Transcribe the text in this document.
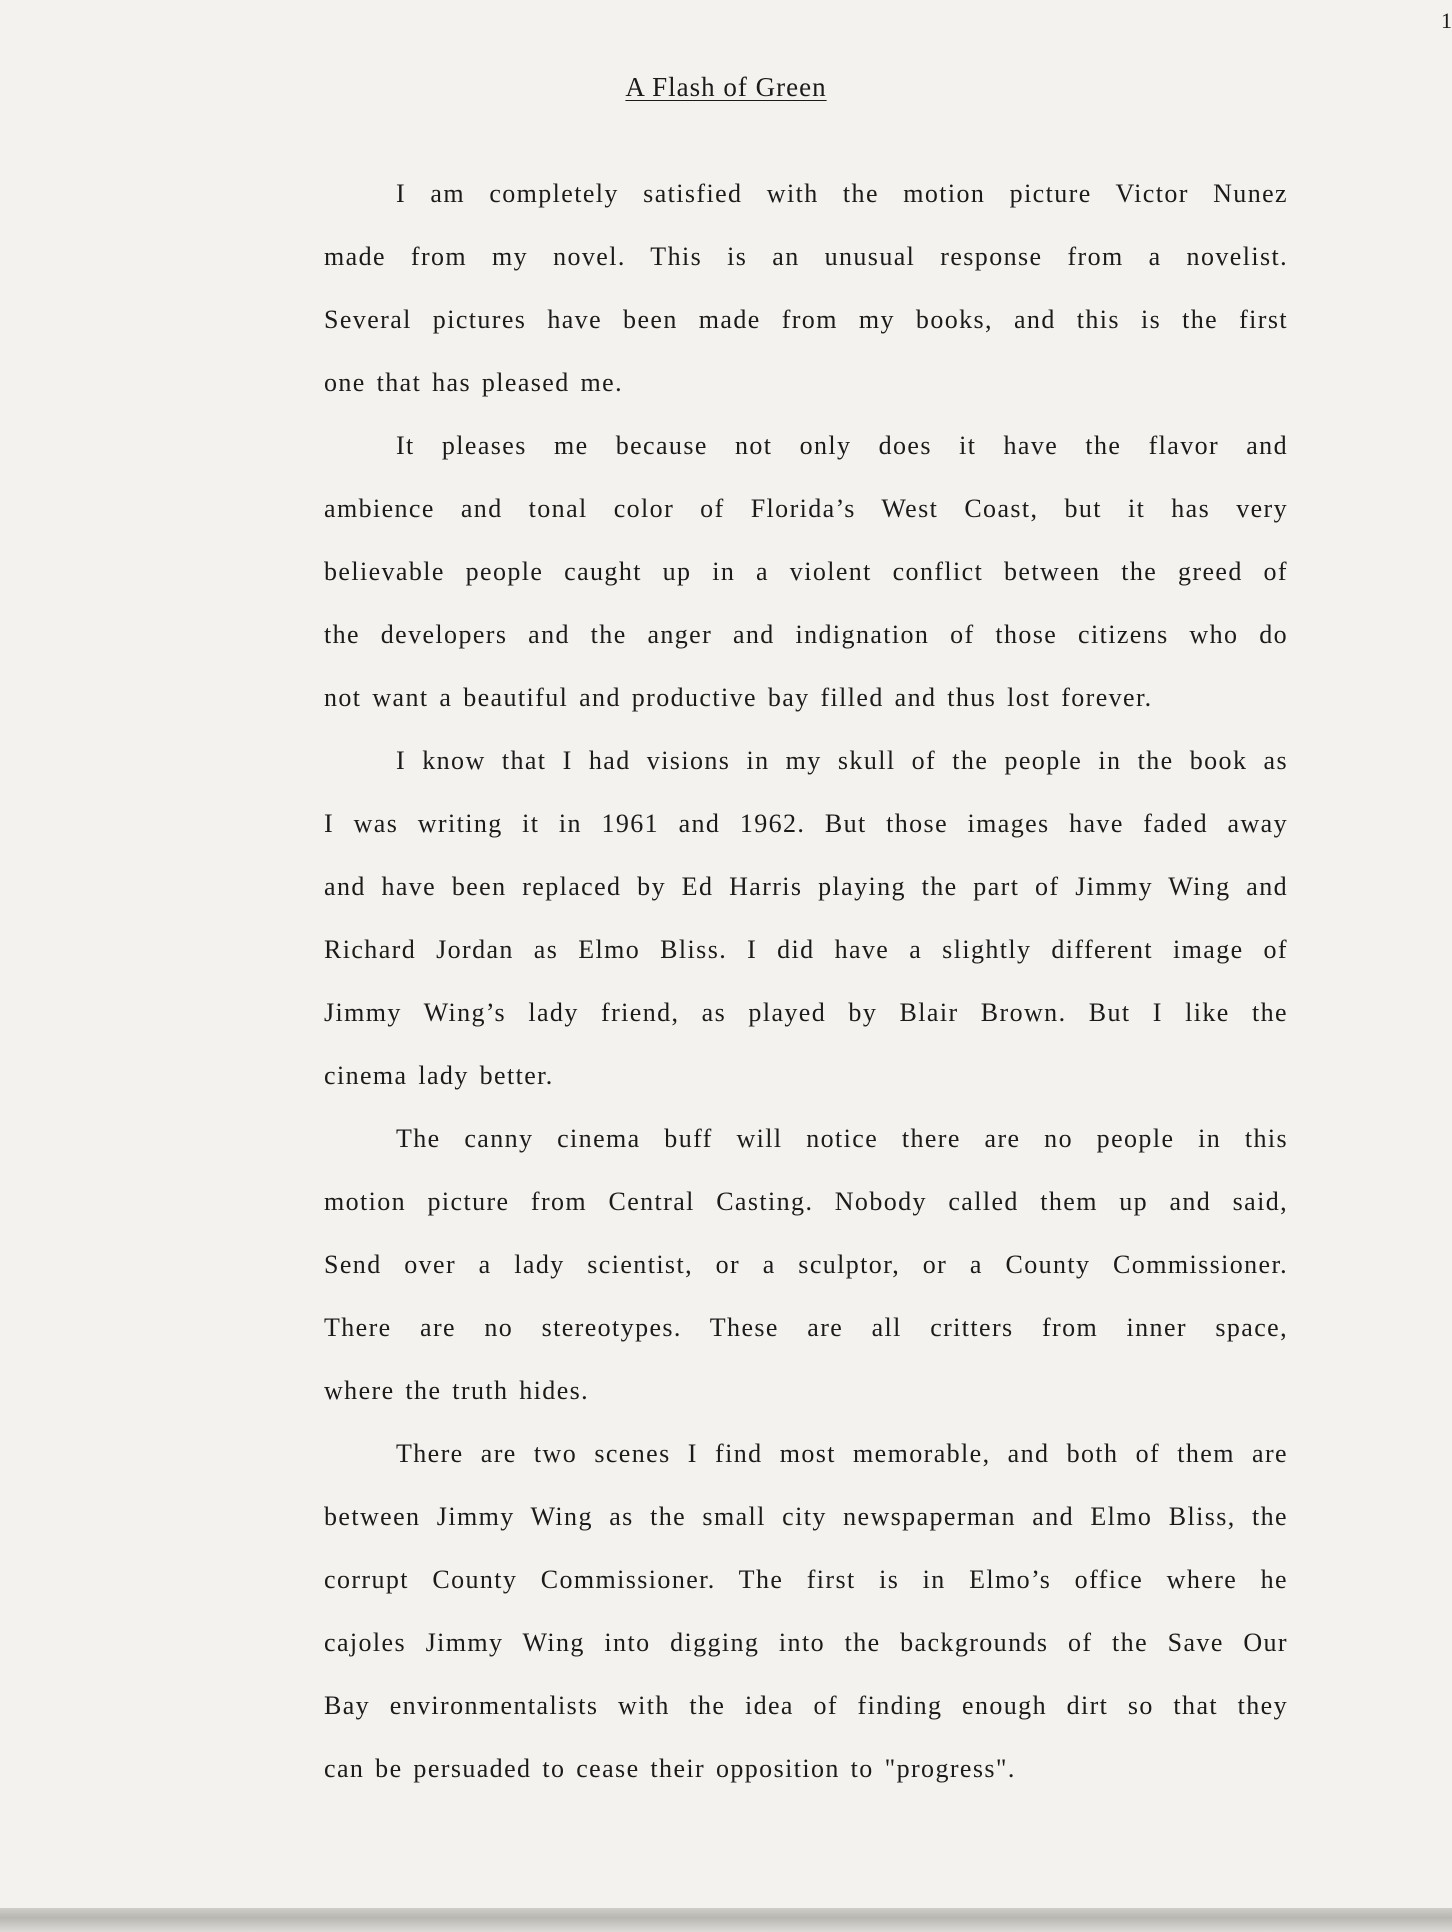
1
A Flash of Green
I am completely satisfied with the motion picture Victor Nunez
made from my novel. This is an unusual response from a novelist.
Several pictures have been made from my books, and this is the first
one that has pleased me.
It pleases me because not only does it have the flavor and
ambience and tonal color of Florida’s West Coast, but it has very
believable people caught up in a violent conflict between the greed of
the developers and the anger and indignation of those citizens who do
not want a beautiful and productive bay filled and thus lost forever.
I know that I had visions in my skull of the people in the book as
I was writing it in 1961 and 1962. But those images have faded away
and have been replaced by Ed Harris playing the part of Jimmy Wing and
Richard Jordan as Elmo Bliss. I did have a slightly different image of
Jimmy Wing’s lady friend, as played by Blair Brown. But I like the
cinema lady better.
The canny cinema buff will notice there are no people in this
motion picture from Central Casting. Nobody called them up and said,
Send over a lady scientist, or a sculptor, or a County Commissioner.
There are no stereotypes. These are all critters from inner space,
where the truth hides.
There are two scenes I find most memorable, and both of them are
between Jimmy Wing as the small city newspaperman and Elmo Bliss, the
corrupt County Commissioner. The first is in Elmo’s office where he
cajoles Jimmy Wing into digging into the backgrounds of the Save Our
Bay environmentalists with the idea of finding enough dirt so that they
can be persuaded to cease their opposition to "progress".
